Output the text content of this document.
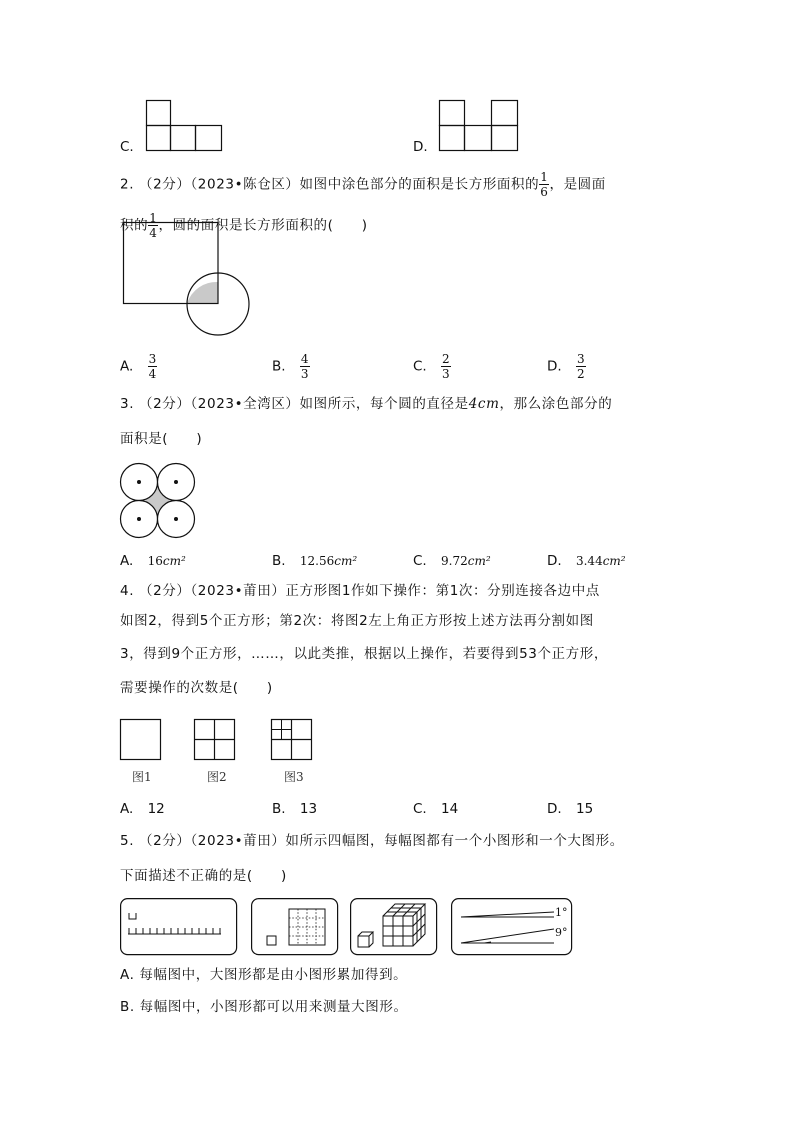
C.	D.
2. （2分）（2023•陈仓区）如图中涂色部分的面积是长方形面积的 $\frac{1}{6}$ ，是圆面
积的 $\frac{1}{4}$ ，圆的面积是长方形面积的(　　)
A. $\frac{3}{4}$	B. $\frac{4}{3}$	C. $\frac{2}{3}$	D. $\frac{3}{2}$
3. （2分）（2023•全湾区）如图所示，每个圆的直径是4cm，那么涂色部分的
面积是(　　)
A. 16cm²	B. 12.56cm²	C. 9.72cm²	D. 3.44cm²
4. （2分）（2023•莆田）正方形图1作如下操作：第1次：分别连接各边中点
如图2，得到5个正方形；第2次：将图2左上角正方形按上述方法再分割如图
3，得到9个正方形，……，以此类推，根据以上操作，若要得到53个正方形，
需要操作的次数是(　　)
图1	图2	图3
A. 12	B. 13	C. 14	D. 15
5. （2分）（2023•莆田）如所示四幅图，每幅图都有一个小图形和一个大图形。
下面描述不正确的是(　　)
1°
9°
A. 每幅图中，大图形都是由小图形累加得到。
B. 每幅图中，小图形都可以用来测量大图形。
